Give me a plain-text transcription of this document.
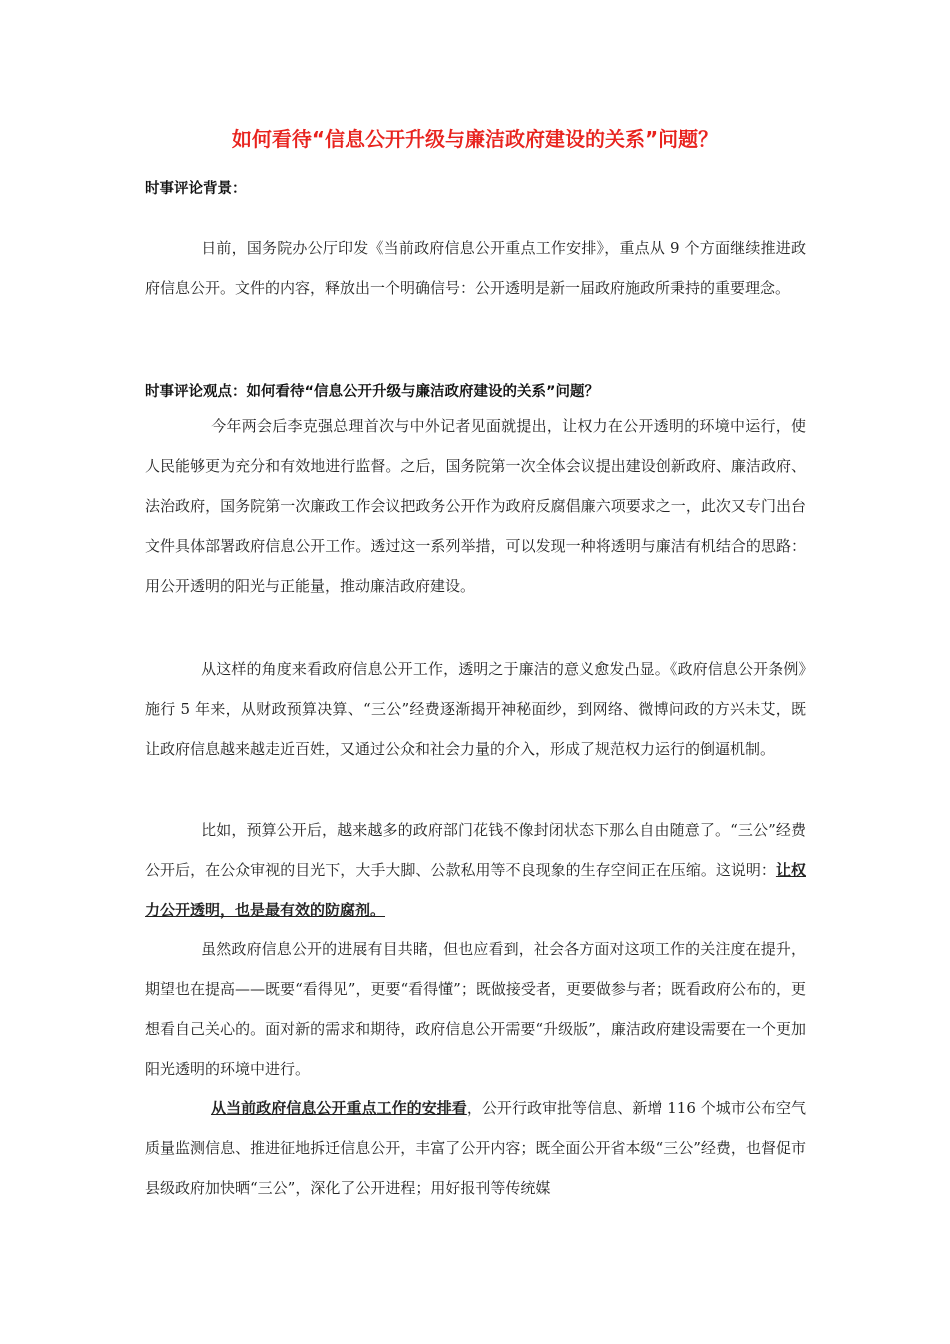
如何看待“信息公开升级与廉洁政府建设的关系”问题？

时事评论背景：

日前，国务院办公厅印发《当前政府信息公开重点工作安排》，重点从 9 个方面继续推进政府信息公开。文件的内容，释放出一个明确信号：公开透明是新一届政府施政所秉持的重要理念。

时事评论观点：如何看待“信息公开升级与廉洁政府建设的关系”问题？

今年两会后李克强总理首次与中外记者见面就提出，让权力在公开透明的环境中运行，使人民能够更为充分和有效地进行监督。之后，国务院第一次全体会议提出建设创新政府、廉洁政府、法治政府，国务院第一次廉政工作会议把政务公开作为政府反腐倡廉六项要求之一，此次又专门出台文件具体部署政府信息公开工作。透过这一系列举措，可以发现一种将透明与廉洁有机结合的思路：用公开透明的阳光与正能量，推动廉洁政府建设。

从这样的角度来看政府信息公开工作，透明之于廉洁的意义愈发凸显。《政府信息公开条例》施行 5 年来，从财政预算决算、“三公”经费逐渐揭开神秘面纱，到网络、微博问政的方兴未艾，既让政府信息越来越走近百姓，又通过公众和社会力量的介入，形成了规范权力运行的倒逼机制。

比如，预算公开后，越来越多的政府部门花钱不像封闭状态下那么自由随意了。“三公”经费公开后，在公众审视的目光下，大手大脚、公款私用等不良现象的生存空间正在压缩。这说明：让权力公开透明，也是最有效的防腐剂。

虽然政府信息公开的进展有目共睹，但也应看到，社会各方面对这项工作的关注度在提升，期望也在提高——既要“看得见”，更要“看得懂”；既做接受者，更要做参与者；既看政府公布的，更想看自己关心的。面对新的需求和期待，政府信息公开需要“升级版”，廉洁政府建设需要在一个更加阳光透明的环境中进行。

从当前政府信息公开重点工作的安排看，公开行政审批等信息、新增 116 个城市公布空气质量监测信息、推进征地拆迁信息公开，丰富了公开内容；既全面公开省本级“三公”经费，也督促市县级政府加快晒“三公”，深化了公开进程；用好报刊等传统媒
